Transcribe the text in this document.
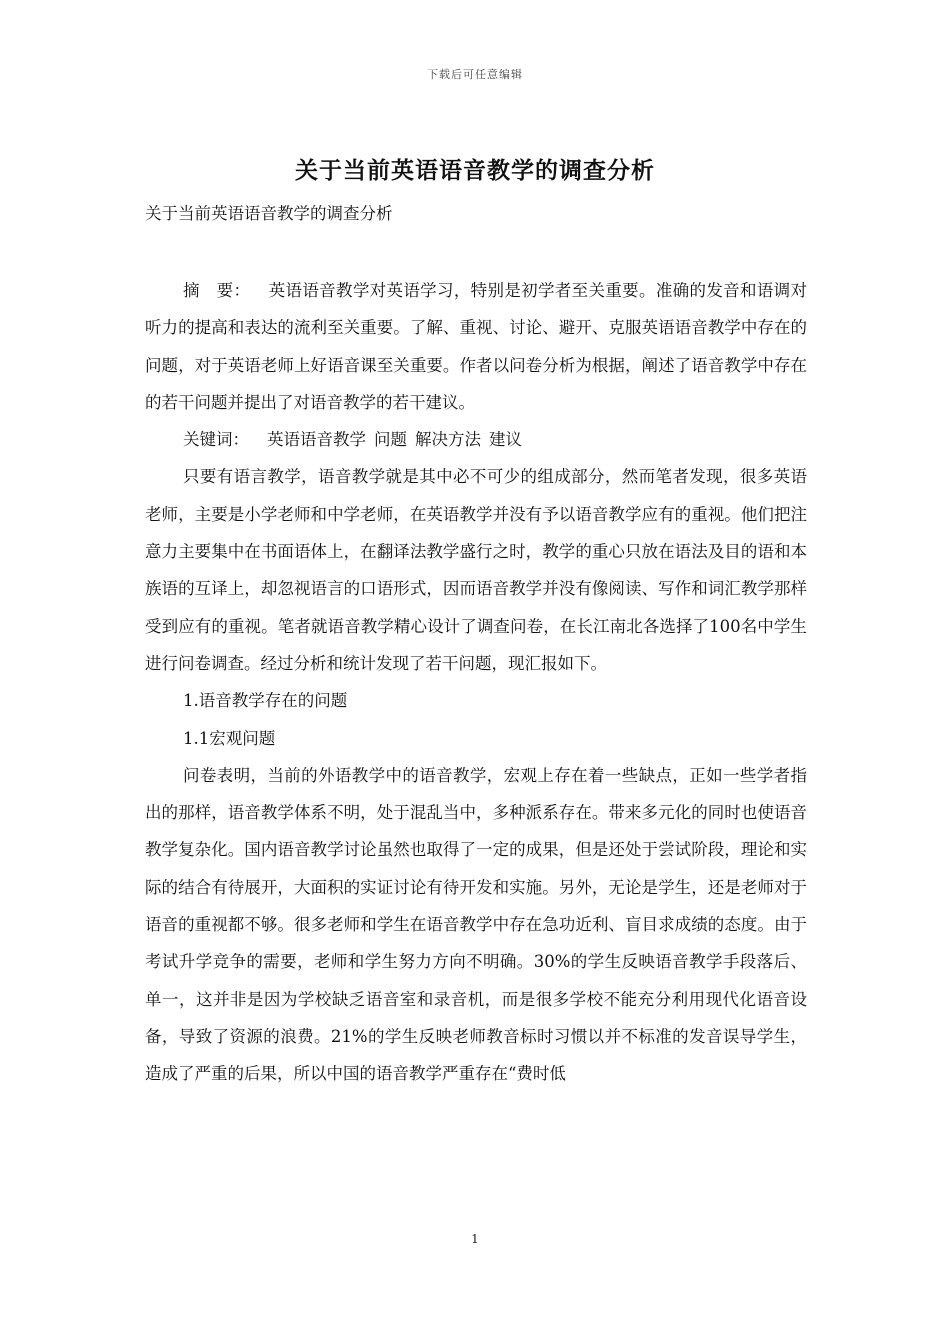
下载后可任意编辑
关于当前英语语音教学的调查分析
关于当前英语语音教学的调查分析

摘　要： 英语语音教学对英语学习，特别是初学者至关重要。准确的发音和语调对听力的提高和表达的流利至关重要。了解、重视、讨论、避开、克服英语语音教学中存在的问题，对于英语老师上好语音课至关重要。作者以问卷分析为根据，阐述了语音教学中存在的若干问题并提出了对语音教学的若干建议。

关键词： 英语语音教学 问题 解决方法 建议

只要有语言教学，语音教学就是其中必不可少的组成部分，然而笔者发现，很多英语老师，主要是小学老师和中学老师，在英语教学并没有予以语音教学应有的重视。他们把注意力主要集中在书面语体上，在翻译法教学盛行之时，教学的重心只放在语法及目的语和本族语的互译上，却忽视语言的口语形式，因而语音教学并没有像阅读、写作和词汇教学那样受到应有的重视。笔者就语音教学精心设计了调查问卷，在长江南北各选择了100名中学生进行问卷调查。经过分析和统计发现了若干问题，现汇报如下。

1.语音教学存在的问题

1.1宏观问题

问卷表明，当前的外语教学中的语音教学，宏观上存在着一些缺点，正如一些学者指出的那样，语音教学体系不明，处于混乱当中，多种派系存在。带来多元化的同时也使语音教学复杂化。国内语音教学讨论虽然也取得了一定的成果，但是还处于尝试阶段，理论和实际的结合有待展开，大面积的实证讨论有待开发和实施。另外，无论是学生，还是老师对于语音的重视都不够。很多老师和学生在语音教学中存在急功近利、盲目求成绩的态度。由于考试升学竞争的需要，老师和学生努力方向不明确。30%的学生反映语音教学手段落后、单一，这并非是因为学校缺乏语音室和录音机，而是很多学校不能充分利用现代化语音设备，导致了资源的浪费。21%的学生反映老师教音标时习惯以并不标准的发音误导学生，造成了严重的后果，所以中国的语音教学严重存在“费时低

1
